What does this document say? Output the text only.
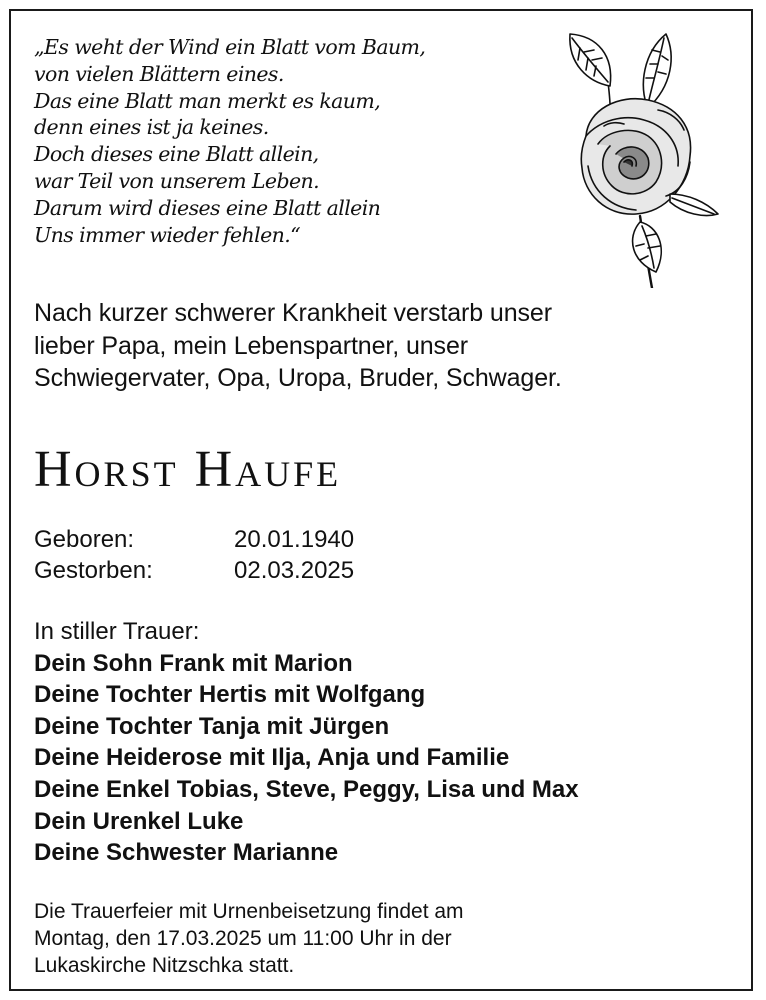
„Es weht der Wind ein Blatt vom Baum,
von vielen Blättern eines.
Das eine Blatt man merkt es kaum,
denn eines ist ja keines.
Doch dieses eine Blatt allein,
war Teil von unserem Leben.
Darum wird dieses eine Blatt allein
Uns immer wieder fehlen.“
Nach kurzer schwerer Krankheit verstarb unser
lieber Papa, mein Lebenspartner, unser
Schwiegervater, Opa, Uropa, Bruder, Schwager.
Horst Haufe
Geboren:	20.01.1940
Gestorben:	02.03.2025
In stiller Trauer:
Dein Sohn Frank mit Marion
Deine Tochter Hertis mit Wolfgang
Deine Tochter Tanja mit Jürgen
Deine Heiderose mit Ilja, Anja und Familie
Deine Enkel Tobias, Steve, Peggy, Lisa und Max
Dein Urenkel Luke
Deine Schwester Marianne
Die Trauerfeier mit Urnenbeisetzung findet am
Montag, den 17.03.2025 um 11:00 Uhr in der
Lukaskirche Nitzschka statt.
